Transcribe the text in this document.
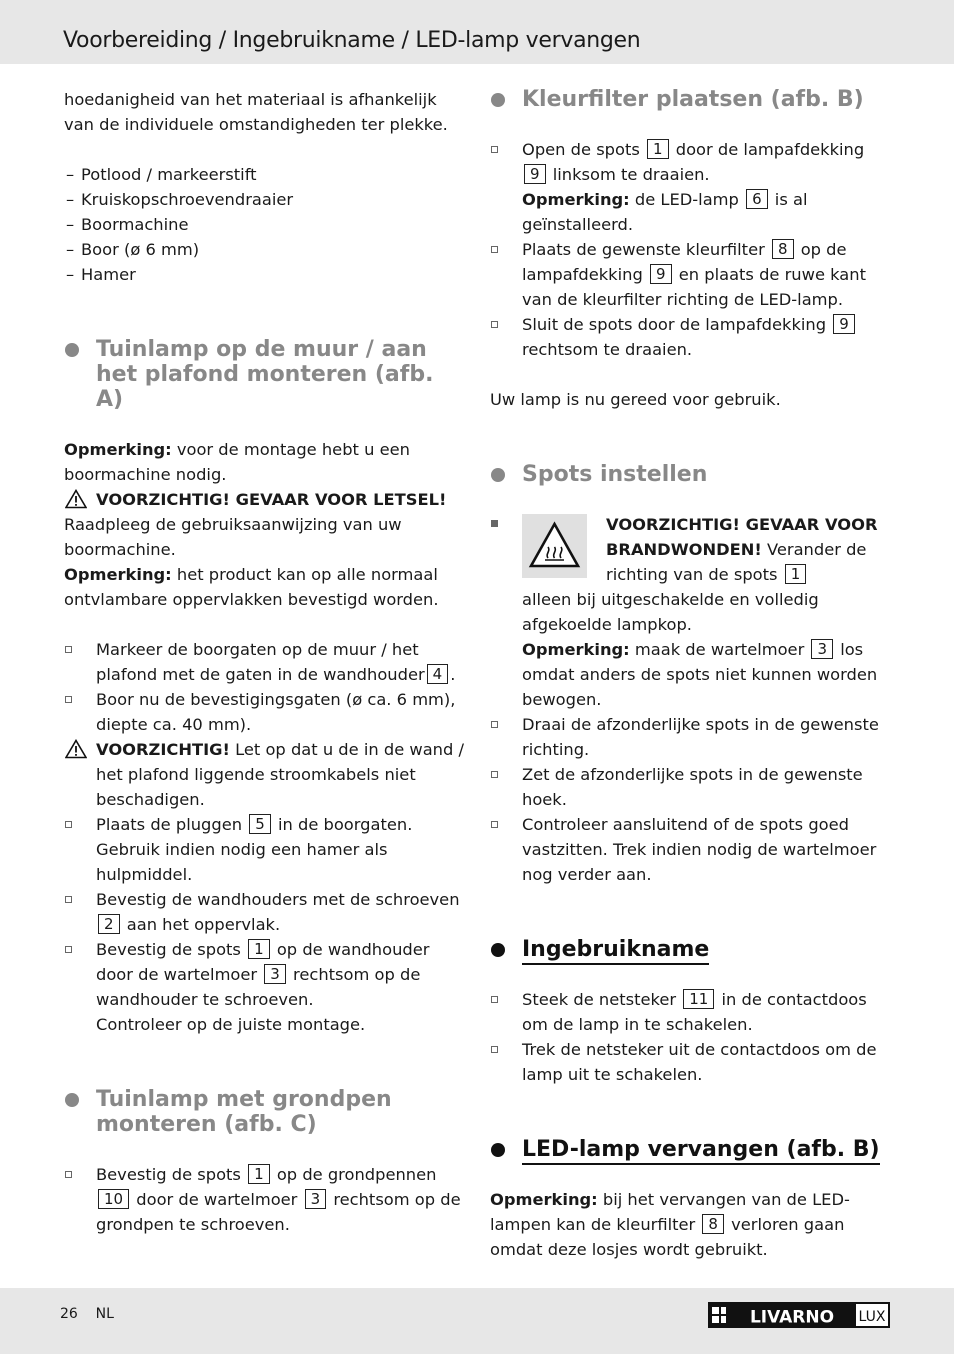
Voorbereiding / Ingebruikname / LED-lamp vervangen

hoedanigheid van het materiaal is afhankelijk van de individuele omstandigheden ter plekke.

– Potlood / markeerstift
– Kruiskopschroevendraaier
– Boormachine
– Boor (ø 6 mm)
– Hamer
Tuinlamp op de muur / aan het plafond monteren (afb. A)

Opmerking: voor de montage hebt u een boormachine nodig.

VOORZICHTIG! GEVAAR VOOR LETSEL!

Raadpleeg de gebruiksaanwijzing van uw boormachine.

Opmerking: het product kan op alle normaal ontvlambare oppervlakken bevestigd worden.

Markeer de boorgaten op de muur / het plafond met de gaten in de wandhouder 4 .
Boor nu de bevestigingsgaten (ø ca. 6 mm), diepte ca. 40 mm).
VOORZICHTIG! Let op dat u de in de wand / het plafond liggende stroomkabels niet beschadigen.
Plaats de pluggen 5 in de boorgaten. Gebruik indien nodig een hamer als hulpmiddel.
Bevestig de wandhouders met de schroeven 2 aan het oppervlak.
Bevestig de spots 1 op de wandhouder door de wartelmoer 3 rechtsom op de wandhouder te schroeven.
Controleer op de juiste montage.
Tuinlamp met grondpen monteren (afb. C)
Bevestig de spots 1 op de grondpennen 10 door de wartelmoer 3 rechtsom op de grondpen te schroeven.
Kleurfilter plaatsen (afb. B)
Open de spots 1 door de lampafdekking 9 linksom te draaien.
Opmerking: de LED-lamp 6 is al geïnstalleerd.
Plaats de gewenste kleurfilter 8 op de lampafdekking 9 en plaats de ruwe kant van de kleurfilter richting de LED-lamp.
Sluit de spots door de lampafdekking 9 rechtsom te draaien.

Uw lamp is nu gereed voor gebruik.

Spots instellen
VOORZICHTIG! GEVAAR VOOR BRANDWONDEN! Verander de richting van de spots 1
alleen bij uitgeschakelde en volledig afgekoelde lampkop.
Opmerking: maak de wartelmoer 3 los omdat anders de spots niet kunnen worden bewogen.
Draai de afzonderlijke spots in de gewenste richting.
Zet de afzonderlijke spots in de gewenste hoek.
Controleer aansluitend of de spots goed vastzitten. Trek indien nodig de wartelmoer nog verder aan.
Ingebruikname
Steek de netsteker 11 in de contactdoos om de lamp in te schakelen.
Trek de netsteker uit de contactdoos om de lamp uit te schakelen.
LED-lamp vervangen (afb. B)

Opmerking: bij het vervangen van de LED-lampen kan de kleurfilter 8 verloren gaan omdat deze losjes wordt gebruikt.

26 NL	LIVARNO LUX
